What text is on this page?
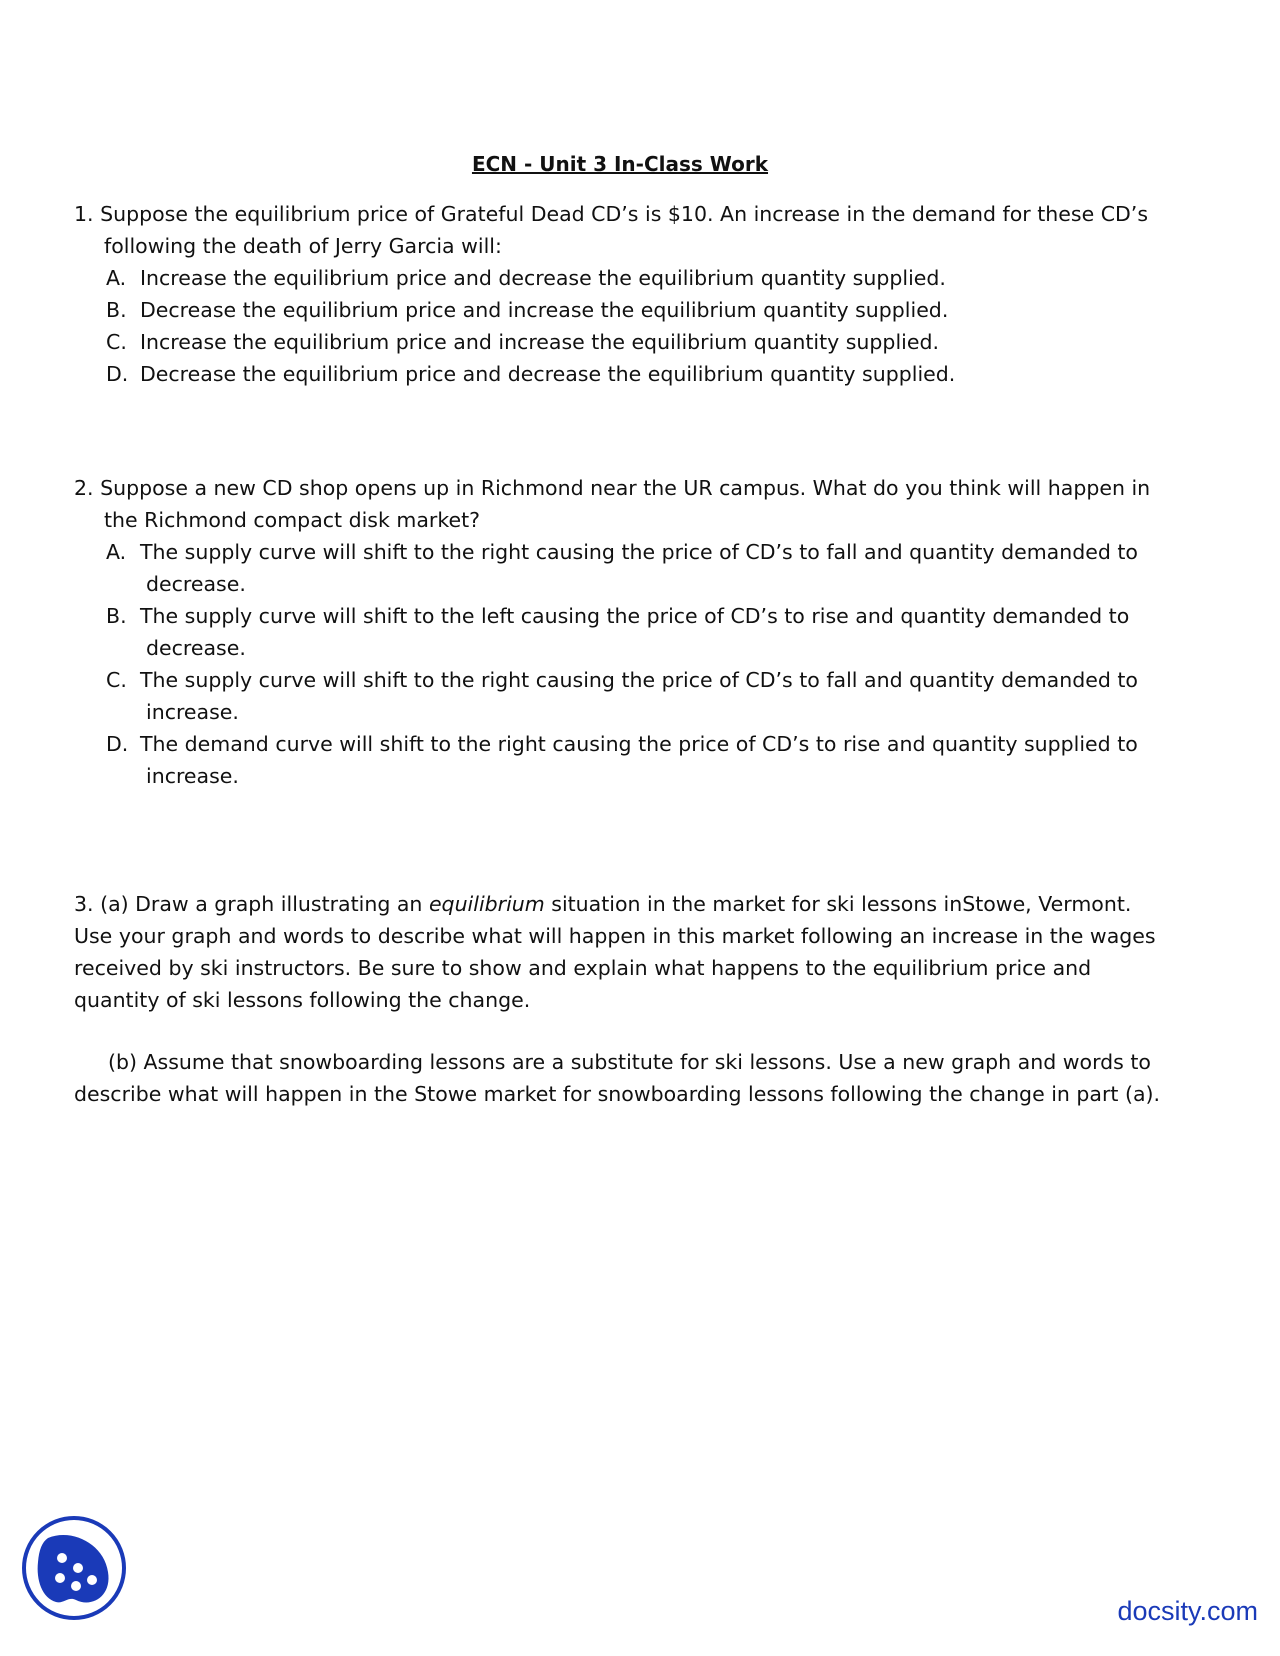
ECN - Unit 3 In-Class Work
1. Suppose the equilibrium price of Grateful Dead CD’s is $10. An increase in the demand for these CD’s
following the death of Jerry Garcia will:
A. Increase the equilibrium price and decrease the equilibrium quantity supplied.
B. Decrease the equilibrium price and increase the equilibrium quantity supplied.
C. Increase the equilibrium price and increase the equilibrium quantity supplied.
D. Decrease the equilibrium price and decrease the equilibrium quantity supplied.
2. Suppose a new CD shop opens up in Richmond near the UR campus. What do you think will happen in
the Richmond compact disk market?
A. The supply curve will shift to the right causing the price of CD’s to fall and quantity demanded to
decrease.
B. The supply curve will shift to the left causing the price of CD’s to rise and quantity demanded to
decrease.
C. The supply curve will shift to the right causing the price of CD’s to fall and quantity demanded to
increase.
D. The demand curve will shift to the right causing the price of CD’s to rise and quantity supplied to
increase.
3. (a) Draw a graph illustrating an equilibrium situation in the market for ski lessons inStowe, Vermont.
Use your graph and words to describe what will happen in this market following an increase in the wages
received by ski instructors. Be sure to show and explain what happens to the equilibrium price and
quantity of ski lessons following the change.
(b) Assume that snowboarding lessons are a substitute for ski lessons. Use a new graph and words to
describe what will happen in the Stowe market for snowboarding lessons following the change in part (a).
docsity.com
